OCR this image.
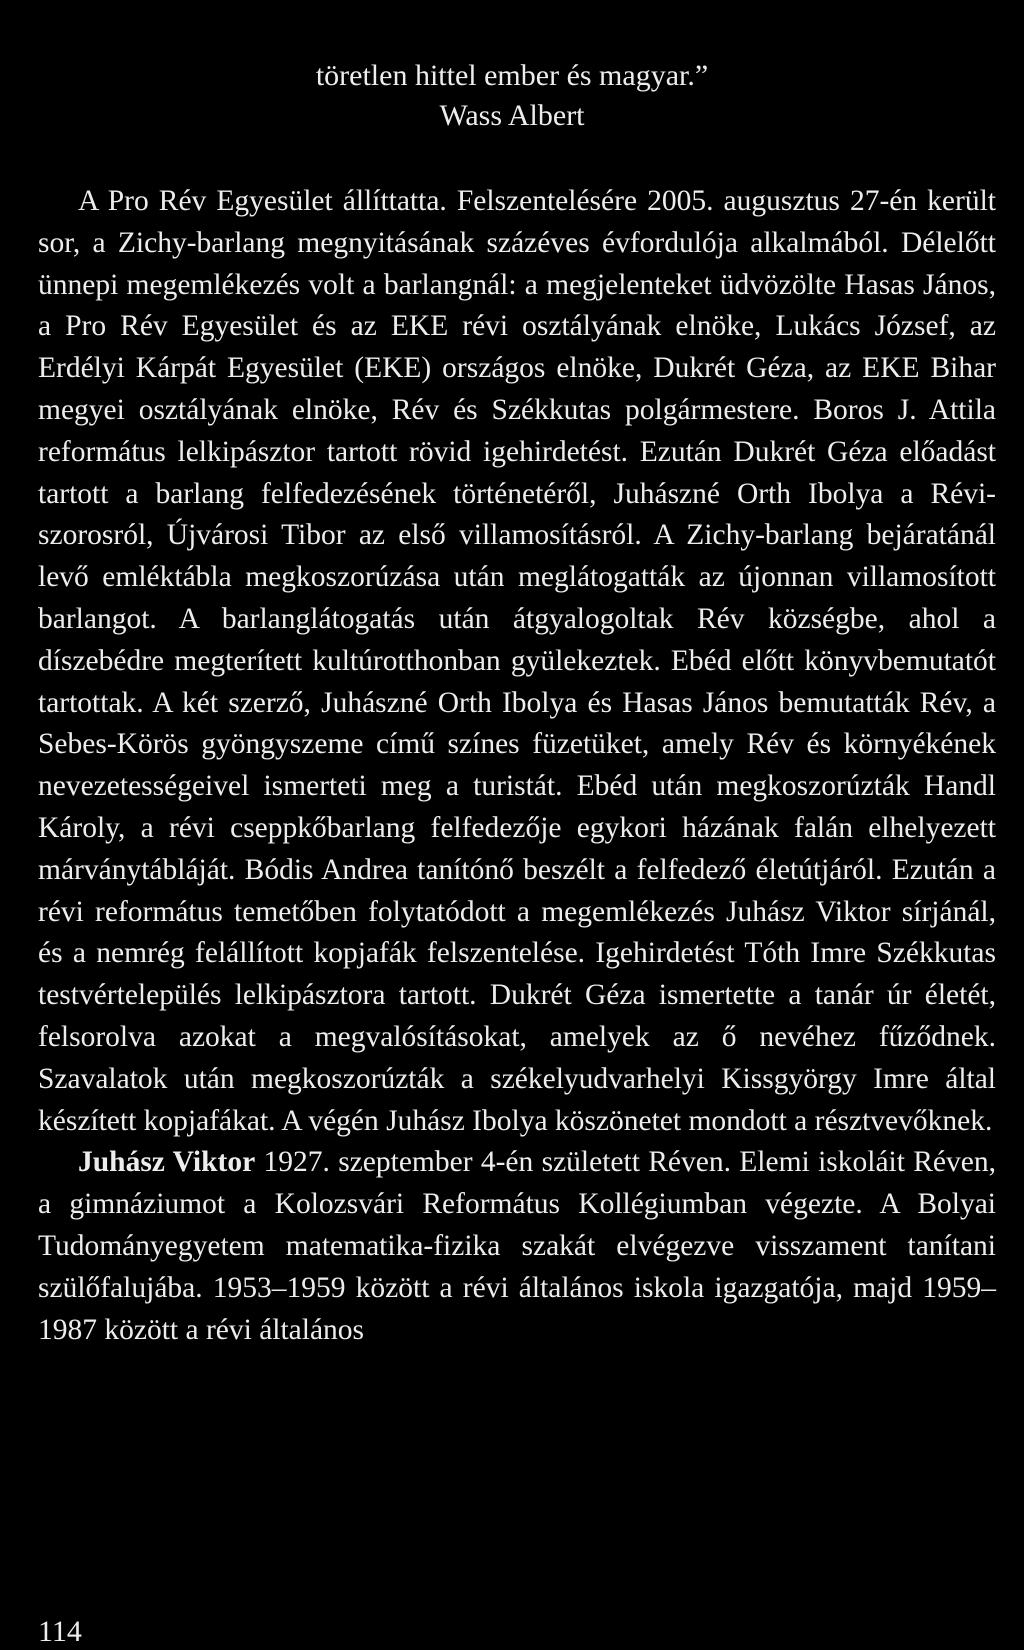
töretlen hittel ember és magyar.”
Wass Albert

A Pro Rév Egyesület állíttatta. Felszentelésére 2005. augusztus 27-én került sor, a Zichy-barlang megnyitásának százéves évfordulója alkalmából. Délelőtt ünnepi megemlékezés volt a barlangnál: a megjelenteket üdvözölte Hasas János, a Pro Rév Egyesület és az EKE révi osztályának elnöke, Lukács József, az Erdélyi Kárpát Egyesület (EKE) országos elnöke, Dukrét Géza, az EKE Bihar megyei osztályának elnöke, Rév és Székkutas polgármestere. Boros J. Attila református lelkipásztor tartott rövid igehirdetést. Ezután Dukrét Géza előadást tartott a barlang felfedezésének történetéről, Juhászné Orth Ibolya a Révi-szorosról, Újvárosi Tibor az első villamosításról. A Zichy-barlang bejáratánál levő emléktábla megkoszorúzása után meglátogatták az újonnan villamosított barlangot. A barlanglátogatás után átgyalogoltak Rév községbe, ahol a díszebédre megterített kultúrotthonban gyülekeztek. Ebéd előtt könyvbemutatót tartottak. A két szerző, Juhászné Orth Ibolya és Hasas János bemutatták Rév, a Sebes-Körös gyöngyszeme című színes füzetüket, amely Rév és környékének nevezetességeivel ismerteti meg a turistát. Ebéd után megkoszorúzták Handl Károly, a révi cseppkőbarlang felfedezője egykori házának falán elhelyezett márványtábláját. Bódis Andrea tanítónő beszélt a felfedező életútjáról. Ezután a révi református temetőben folytatódott a megemlékezés Juhász Viktor sírjánál, és a nemrég felállított kopjafák felszentelése. Igehirdetést Tóth Imre Székkutas testvértelepülés lelkipásztora tartott. Dukrét Géza ismertette a tanár úr életét, felsorolva azokat a megvalósításokat, amelyek az ő nevéhez fűződnek. Szavalatok után megkoszorúzták a székelyudvarhelyi Kissgyörgy Imre által készített kopjafákat. A végén Juhász Ibolya köszönetet mondott a résztvevőknek.

Juhász Viktor 1927. szeptember 4-én született Réven. Elemi iskoláit Réven, a gimnáziumot a Kolozsvári Református Kollégiumban végezte. A Bolyai Tudományegyetem matematika-fizika szakát elvégezve visszament tanítani szülőfalujába. 1953–1959 között a révi általános iskola igazgatója, majd 1959–1987 között a révi általános

114
